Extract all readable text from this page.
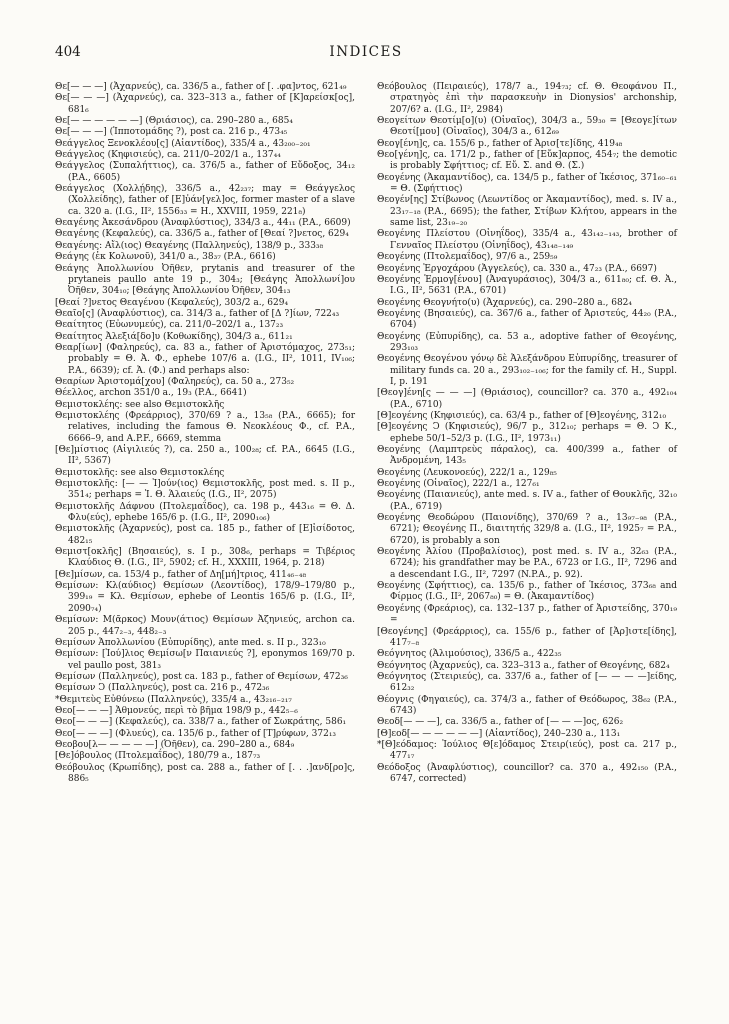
404	INDICES

Θε[— — —] (Ἀχαρνεύς), ca. 336/5 a., father of [. .φα]ντος, 621₄₉

Θε[— — —] (Ἀχαρνεύς), ca. 323–313 a., father of [Κ]αρείσκ[ος], 681₆

Θε[— — — — — —] (Θριάσιος), ca. 290–280 a., 685₄

Θε[— — —] (Ἱπποτομάδης ?), post ca. 216 p., 473₄₅

Θεάγγελος Ξενοκλέου[ς] (Αἰαντίδος), 335/4 a., 43₂₀₀₋₂₀₁

Θεάγγελος (Κηφισιεύς), ca. 211/0–202/1 a., 137₄₄

Θεάγγελος (Συπαλήττιος), ca. 376/5 a., father of Εὔδοξος, 34₁₂ (P.A., 6605)

Θεάγγελος (Χολλῄδης), 336/5 a., 42₂₃₇; may = Θεάγγελος (Χολλείδης), father of [Ε]ὐάν[γελ]ος, former master of a slave ca. 320 a. (I.G., II², 1556₃₃ = H., XXVIII, 1959, 221₈)

Θεαγένης Ἀκεσάνδρου (Ἀναφλύστιος), 334/3 a., 44₁₁ (P.A., 6609)

Θεαγένης (Κεφαλεύς), ca. 336/5 a., father of [Θεαί ?]νετος, 629₄

Θεαγένης: Αἴλ(ιος) Θεαγένης (Παλληνεύς), 138/9 p., 333₃₈

Θεάγης (ἐκ Κολωνοῦ), 341/0 a., 38₃₇ (P.A., 6616)

Θεάγης Ἀπολλωνίου Ὀῆθεν, prytanis and treasurer of the prytaneis paullo ante 19 p., 304₃; [Θεάγης Ἀπολλωνί]ου Ὀῆθεν, 304₁₀; [Θεάγης Ἀπολλωνίου Ὀῆθεν, 304₁₃

[Θεαί ?]νετος Θεαγένου (Κεφαλεύς), 303/2 a., 629₄

Θεαῖο[ς] (Ἀναφλύστιος), ca. 314/3 a., father of [Δ ?]ίων, 722₄₃

Θεαίτητος (Εὐωνυμεύς), ca. 211/0–202/1 a., 137₂₃

Θεαίτητος Ἀλεξιά[δο]υ (Κοθωκίδης), 304/3 a., 611₂₁

Θεαρ[ίων] (Φαληρεύς), ca. 83 a., father of Ἀριστόμαχος, 273₅₁; probably = Θ. Ἀ. Φ., ephebe 107/6 a. (I.G., II², 1011, IV₁₀₆; P.A., 6639); cf. Ἀ. (Φ.) and perhaps also:

Θεαρίων Ἀριστομά[χου] (Φαληρεύς), ca. 50 a., 273₅₂

Θέελλος, archon 351/0 a., 19₃ (P.A., 6641)

Θεμιστοκλέης: see also Θεμιστοκλῆς

Θεμιστοκλέης (Φρεάρριος), 370/69 ? a., 13₅₈ (P.A., 6665); for relatives, including the famous Θ. Νεοκλέους Φ., cf. P.A., 6666–9, and A.P.F., 6669, stemma

[Θε]μίστιος (Αἰγιλιεύς ?), ca. 250 a., 100₂₈; cf. P.A., 6645 (I.G., II², 5367)

Θεμιστοκλῆς: see also Θεμιστοκλέης

Θεμιστοκλῆς: [— — Ἰ]ούν(ιος) Θεμιστοκλῆς, post med. s. II p., 351₄; perhaps = Ἰ. Θ. Ἁλαιεύς (I.G., II², 2075)

Θεμιστοκλῆς Δάφνου (Πτολεμαΐδος), ca. 198 p., 443₁₆ = Θ. Δ. Φλυ(εύς), ephebe 165/6 p. (I.G., II², 2090₁₀₆)

Θεμιστοκλῆς (Ἀχαρνεύς), post ca. 185 p., father of [Ε]ἰσίδοτος, 482₁₅

Θεμιστ[οκλῆς] (Βησαιεύς), s. I p., 308₆, perhaps = Τιβέριος Κλαύδιος Θ. (I.G., II², 5902; cf. H., XXXIII, 1964, p. 218)

[Θε]μίσων, ca. 153/4 p., father of Δη[μή]τριος, 411₄₆₋₄₈

Θεμίσων: Κλ(αύδιος) Θεμίσων (Λεοντίδος), 178/9–179/80 p., 399₁₉ = Κλ. Θεμίσων, ephebe of Leontis 165/6 p. (I.G., II², 2090₇₄)

Θεμίσων: Μ(ᾶρκος) Μουν(άτιος) Θεμίσων Ἀζηνιεύς, archon ca. 205 p., 447₂₋₃, 448₂₋₃

Θεμίσων Ἀπολλωνίου (Εὐπυρίδης), ante med. s. II p., 323₁₀

Θεμίσων: [Ἰού]λιος Θεμίσω[ν Παιανιεύς ?], eponymos 169/70 p. vel paullo post, 381₃

Θεμίσων (Παλληνεύς), post ca. 183 p., father of Θεμίσων, 472₃₆

Θεμίσων Ͻ (Παλληνεύς), post ca. 216 p., 472₃₆

*Θεμιτεὺς Εὐθύνεω (Παλληνεύς), 335/4 a., 43₂₁₆₋₂₁₇

Θεο[— — —] Ἀθμονεύς, περὶ τὸ βῆμα 198/9 p., 442₅₋₆

Θεο[— — —] (Κεφαλεύς), ca. 338/7 a., father of Σωκράτης, 586₁

Θεο[— — —] (Φλυεύς), ca. 135/6 p., father of [Τ]ρύφων, 372₁₃

Θεοβου[λ— — — — —] (Ὀῆθεν), ca. 290–280 a., 684₉

[Θε]όβουλος (Πτολεμαΐδος), 180/79 a., 187₇₃

Θεόβουλος (Κρωπίδης), post ca. 288 a., father of [. . .]ανδ[ρο]ς, 886₅

Θεόβουλος (Πειραιεύς), 178/7 a., 194₇₃; cf. Θ. Θεοφάνου Π., στρατηγὸς ἐπὶ τὴν παρασκευὴν in Dionysios' archonship, 207/6? a. (I.G., II², 2984)

Θεογείτων Θεοτίμ[ο](υ) (Οἰναῖος), 304/3 a., 59₃₀ = [Θεογε]ίτων Θεοτί[μου] (Οἰναῖος), 304/3 a., 612₆₉

Θεογ[ένη]ς, ca. 155/6 p., father of Ἀρισ[τε]ίδης, 419₄₈

Θεο[γένη]ς, ca. 171/2 p., father of [Εὔκ]αρπος, 454₇; the demotic is probably Σφήττιος; cf. Εὔ. Σ. and Θ. (Σ.)

Θεογένης (Ἀκαμαντίδος), ca. 134/5 p., father of Ἱκέσιος, 371₆₀₋₆₁ = Θ. (Σφήττιος)

Θεογέν[ης] Στίβωνος (Λεωντίδος or Ἀκαμαντίδος), med. s. IV a., 23₁₇₋₁₈ (P.A., 6695); the father, Στίβων Κλήτου, appears in the same list, 23₁₉₋₂₀

Θεογένης Πλείστου (Οἰνηΐδος), 335/4 a., 43₁₄₂₋₁₄₃, brother of Γενναῖος Πλείστου (Οἰνηΐδος), 43₁₄₈₋₁₄₉

Θεογένης (Πτολεμαΐδος), 97/6 a., 259₅₉

Θεογένης Ἐργοχάρου (Ἀγγελεύς), ca. 330 a., 47₂₃ (P.A., 6697)

Θεογένης Ἑρμογ[ένου] (Ἀναγυράσιος), 304/3 a., 611₈₀; cf. Θ. Ἀ., I.G., II², 5631 (P.A., 6701)

Θεογένης Θεογνήτο(υ) (Ἀχαρνεύς), ca. 290–280 a., 682₄

Θεογένης (Βησαιεύς), ca. 367/6 a., father of Ἀριστεύς, 44₂₀ (P.A., 6704)

Θεογένης (Εὐπυρίδης), ca. 53 a., adoptive father of Θεογένης, 293₁₀₃

Θεογένης Θεογένου γόνῳ δὲ Ἀλεξάνδρου Εὐπυρίδης, treasurer of military funds ca. 20 a., 293₁₀₂₋₁₀₆; for the family cf. H., Suppl. I, p. 191

[Θεογ]ένη[ς — — —] (Θριάσιος), councillor? ca. 370 a., 492₁₀₄ (P.A., 6710)

[Θ]εογένης (Κηφισιεύς), ca. 63/4 p., father of [Θ]εογένης, 312₁₀

[Θ]εογένης Ͻ (Κηφισιεύς), 96/7 p., 312₁₀; perhaps = Θ. Ͻ Κ., ephebe 50/1–52/3 p. (I.G., II², 1973₁₁)

Θεογένης (Λαμπτρεὺς πάραλος), ca. 400/399 a., father of Ἀνδρομένη, 143₅

Θεογένης (Λευκονοεύς), 222/1 a., 129₈₅

Θεογένης (Οἰναῖος), 222/1 a., 127₆₁

Θεογένης (Παιανιεύς), ante med. s. IV a., father of Θουκλῆς, 32₁₀ (P.A., 6719)

Θεογένης Θεοδώρου (Παιονίδης), 370/69 ? a., 13₉₇₋₉₈ (P.A., 6721); Θεογένης Π., διαιτητής 329/8 a. (I.G., II², 1925₇ = P.A., 6720), is probably a son

Θεογένης Ἁλίου (Προβαλίσιος), post med. s. IV a., 32₆₃ (P.A., 6724); his grandfather may be P.A., 6723 or I.G., II², 7296 and a descendant I.G., II², 7297 (N.P.A., p. 92).

Θεογένης (Σφήττιος), ca. 135/6 p., father of Ἱκέσιος, 373₆₈ and Φίρμος (I.G., II², 2067₈₀) = Θ. (Ἀκαμαντίδος)

Θεογένης (Φρεάριος), ca. 132–137 p., father of Ἀριστείδης, 370₁₉ =

[Θεογένης] (Φρεάρριος), ca. 155/6 p., father of [Ἀρ]ιστε[ίδης], 417₇₋₈

Θεόγνητος (Ἁλιμούσιος), 336/5 a., 422₃₅

Θεόγνητος (Ἀχαρνεύς), ca. 323–313 a., father of Θεογένης, 682₄

Θεόγνητος (Στειριεύς), ca. 337/6 a., father of [— — — —]είδης, 612₃₂

Θέογνις (Φηγαιεύς), ca. 374/3 a., father of Θεόδωρος, 38₆₂ (P.A., 6743)

Θεοδ[— — —], ca. 336/5 a., father of [— — —]ος, 626₂

[Θ]εοδ[— — — — — —] (Αἰαντίδος), 240–230 a., 113₁

*[Θ]εόδαμος: Ἰούλιος Θ[ε]όδαμος Στειρ(ιεύς), post ca. 217 p., 477₁₇

Θεόδοξος (Ἀναφλύστιος), councillor? ca. 370 a., 492₁₅₀ (P.A., 6747, corrected)
